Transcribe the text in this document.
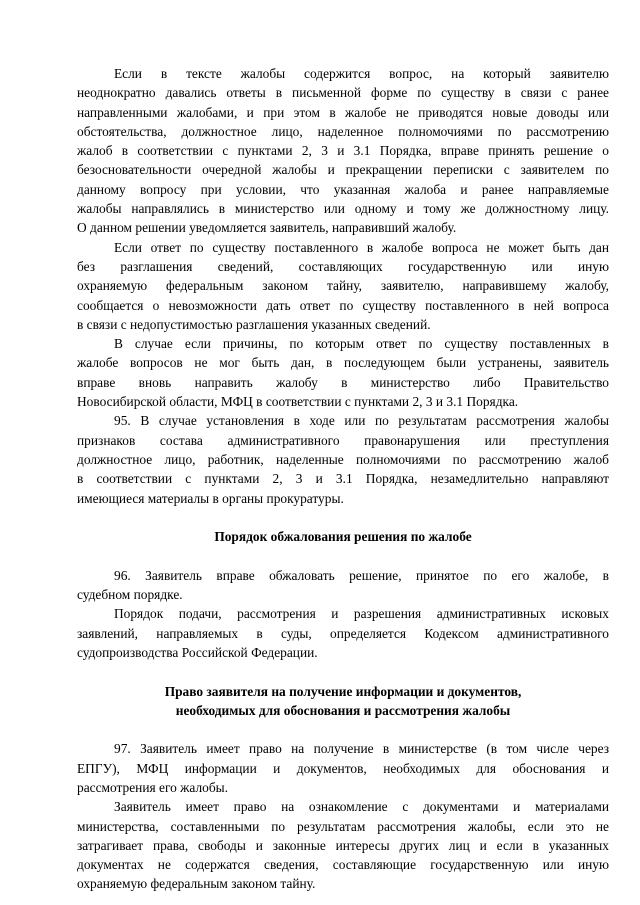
Если в тексте жалобы содержится вопрос, на который заявителю
неоднократно давались ответы в письменной форме по существу в связи с ранее
направленными жалобами, и при этом в жалобе не приводятся новые доводы или
обстоятельства, должностное лицо, наделенное полномочиями по рассмотрению
жалоб в соответствии с пунктами 2, 3 и 3.1 Порядка, вправе принять решение о
безосновательности очередной жалобы и прекращении переписки с заявителем по
данному вопросу при условии, что указанная жалоба и ранее направляемые
жалобы направлялись в министерство или одному и тому же должностному лицу.
О данном решении уведомляется заявитель, направивший жалобу.
Если ответ по существу поставленного в жалобе вопроса не может быть дан
без разглашения сведений, составляющих государственную или иную
охраняемую федеральным законом тайну, заявителю, направившему жалобу,
сообщается о невозможности дать ответ по существу поставленного в ней вопроса
в связи с недопустимостью разглашения указанных сведений.
В случае если причины, по которым ответ по существу поставленных в
жалобе вопросов не мог быть дан, в последующем были устранены, заявитель
вправе вновь направить жалобу в министерство либо Правительство
Новосибирской области, МФЦ в соответствии с пунктами 2, 3 и 3.1 Порядка.
95. В случае установления в ходе или по результатам рассмотрения жалобы
признаков состава административного правонарушения или преступления
должностное лицо, работник, наделенные полномочиями по рассмотрению жалоб
в соответствии с пунктами 2, 3 и 3.1 Порядка, незамедлительно направляют
имеющиеся материалы в органы прокуратуры.
Порядок обжалования решения по жалобе
96. Заявитель вправе обжаловать решение, принятое по его жалобе, в
судебном порядке.
Порядок подачи, рассмотрения и разрешения административных исковых
заявлений, направляемых в суды, определяется Кодексом административного
судопроизводства Российской Федерации.
Право заявителя на получение информации и документов,
необходимых для обоснования и рассмотрения жалобы
97. Заявитель имеет право на получение в министерстве (в том числе через
ЕПГУ), МФЦ информации и документов, необходимых для обоснования и
рассмотрения его жалобы.
Заявитель имеет право на ознакомление с документами и материалами
министерства, составленными по результатам рассмотрения жалобы, если это не
затрагивает права, свободы и законные интересы других лиц и если в указанных
документах не содержатся сведения, составляющие государственную или иную
охраняемую федеральным законом тайну.
